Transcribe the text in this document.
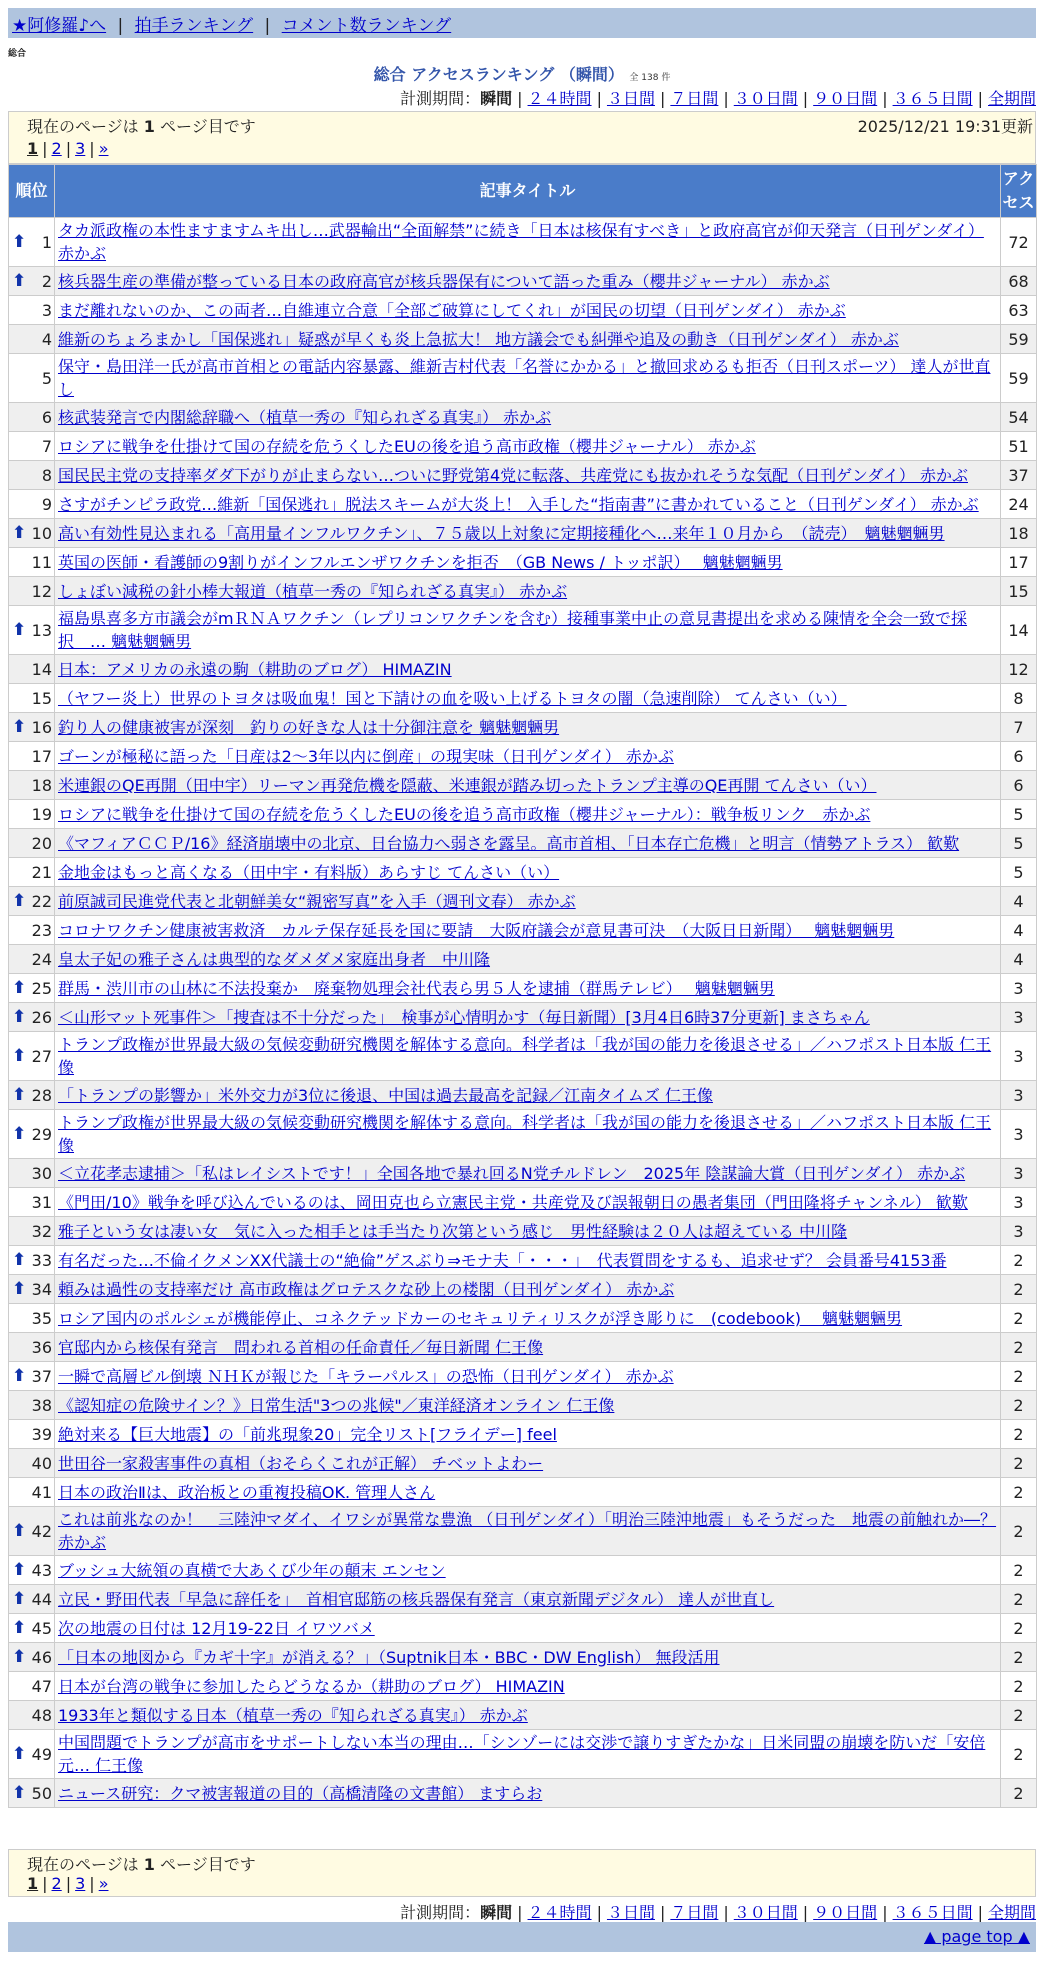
★阿修羅♪へ | 拍手ランキング | コメント数ランキング
総合
総合 アクセスランキング （瞬間） 全 138 件
計測期間：瞬間 | ２４時間 | ３日間 | ７日間 | ３０日間 | ９０日間 | ３６５日間 | 全期間
現在のページは 1 ページ目です	2025/12/21 19:31更新
1 | 2 | 3 | »
順位	記事タイトル	アクセス

⬆ 1	タカ派政権の本性ますますムキ出し…武器輸出“全面解禁”に続き「日本は核保有すべき」と政府高官が仰天発言（日刊ゲンダイ） 赤かぶ	72

⬆ 2	核兵器生産の準備が整っている日本の政府高官が核兵器保有について語った重み（櫻井ジャーナル） 赤かぶ	68
3	まだ離れないのか、この両者…自維連立合意「全部ご破算にしてくれ」が国民の切望（日刊ゲンダイ） 赤かぶ	63
4	維新のちょろまかし「国保逃れ」疑惑が早くも炎上急拡大！ 地方議会でも糾弾や追及の動き（日刊ゲンダイ） 赤かぶ	59
5	保守・島田洋一氏が高市首相との電話内容暴露、維新吉村代表「名誉にかかる」と撤回求めるも拒否（日刊スポーツ） 達人が世直し	59
6	核武装発言で内閣総辞職へ（植草一秀の『知られざる真実』） 赤かぶ	54
7	ロシアに戦争を仕掛けて国の存続を危うくしたEUの後を追う高市政権（櫻井ジャーナル） 赤かぶ	51
8	国民民主党の支持率ダダ下がりが止まらない…ついに野党第4党に転落、共産党にも抜かれそうな気配（日刊ゲンダイ） 赤かぶ	37
9	さすがチンピラ政党…維新「国保逃れ」脱法スキームが大炎上！ 入手した“指南書”に書かれていること（日刊ゲンダイ） 赤かぶ	24

⬆ 10	高い有効性見込まれる「高用量インフルワクチン」、７５歳以上対象に定期接種化へ…来年１０月から　（読売）　魑魅魍魎男	18
11	英国の医師・看護師の9割りがインフルエンザワクチンを拒否　（GB News / トッポ訳）　 魑魅魍魎男	17
12	しょぼい減税の針小棒大報道（植草一秀の『知られざる真実』） 赤かぶ	15

⬆ 13	福島県喜多方市議会がmＲＮＡワクチン（レプリコンワクチンを含む）接種事業中止の意見書提出を求める陳情を全会一致で採択　… 魑魅魍魎男	14
14	日本：アメリカの永遠の駒（耕助のブログ） HIMAZIN	12
15	（ヤフー炎上）世界のトヨタは吸血鬼！国と下請けの血を吸い上げるトヨタの闇（急速削除） てんさい（い）	8

⬆ 16	釣り人の健康被害が深刻　釣りの好きな人は十分御注意を 魑魅魍魎男	7
17	ゴーンが極秘に語った「日産は2～3年以内に倒産」の現実味（日刊ゲンダイ） 赤かぶ	6
18	米連銀のQE再開（田中宇）リーマン再発危機を隠蔽、米連銀が踏み切ったトランプ主導のQE再開 てんさい（い）	6
19	ロシアに戦争を仕掛けて国の存続を危うくしたEUの後を追う高市政権（櫻井ジャーナル）：戦争板リンク　赤かぶ	5
20	《マフィアＣＣＰ/16》経済崩壊中の北京、日台協力へ弱さを露呈。高市首相、「日本存亡危機」と明言（情勢アトラス） 歓歎	5
21	金地金はもっと高くなる（田中宇・有料版）あらすじ てんさい（い）	5

⬆ 22	前原誠司民進党代表と北朝鮮美女“親密写真”を入手（週刊文春） 赤かぶ	4
23	コロナワクチン健康被害救済　カルテ保存延長を国に要請　大阪府議会が意見書可決　（大阪日日新聞）　 魑魅魍魎男	4
24	皇太子妃の雅子さんは典型的なダメダメ家庭出身者　中川隆	4

⬆ 25	群馬・渋川市の山林に不法投棄か　廃棄物処理会社代表ら男５人を逮捕（群馬テレビ）　 魑魅魍魎男	3

⬆ 26	＜山形マット死事件＞「捜査は不十分だった」　検事が心情明かす（毎日新聞）[3月4日6時37分更新] まさちゃん	3

⬆ 27	トランプ政権が世界最大級の気候変動研究機関を解体する意向。科学者は「我が国の能力を後退させる」／ハフポスト日本版 仁王像	3

⬆ 28	「トランプの影響か」米外交力が3位に後退、中国は過去最高を記録／江南タイムズ 仁王像	3

⬆ 29	トランプ政権が世界最大級の気候変動研究機関を解体する意向。科学者は「我が国の能力を後退させる」／ハフポスト日本版 仁王像	3
30	＜立花孝志逮捕＞「私はレイシストです！」全国各地で暴れ回るN党チルドレン　2025年 陰謀論大賞（日刊ゲンダイ） 赤かぶ	3
31	《門田/10》戦争を呼び込んでいるのは、岡田克也ら立憲民主党・共産党及び誤報朝日の愚者集団（門田隆将チャンネル） 歓歎	3
32	雅子という女は凄い女　気に入った相手とは手当たり次第という感じ　男性経験は２０人は超えている 中川隆	3

⬆ 33	有名だった…不倫イクメンXX代議士の“絶倫”ゲスぶり⇒モナ夫「・・・」　代表質問をするも、追求せず？ 会員番号4153番	2

⬆ 34	頼みは過性の支持率だけ 高市政権はグロテスクな砂上の楼閣（日刊ゲンダイ） 赤かぶ	2
35	ロシア国内のポルシェが機能停止、コネクテッドカーのセキュリティリスクが浮き彫りに　(codebook)　 魑魅魍魎男	2
36	官邸内から核保有発言　問われる首相の任命責任／毎日新聞 仁王像	2

⬆ 37	一瞬で高層ビル倒壊 ＮＨＫが報じた「キラーパルス」の恐怖（日刊ゲンダイ） 赤かぶ	2
38	《認知症の危険サイン？》日常生活"3つの兆候"／東洋経済オンライン 仁王像	2
39	絶対来る【巨大地震】の「前兆現象20」完全リスト[フライデー] feel	2
40	世田谷一家殺害事件の真相（おそらくこれが正解） チベットよわー	2
41	日本の政治Ⅱは、政治板との重複投稿OK. 管理人さん	2

⬆ 42	これは前兆なのか！　三陸沖マダイ、イワシが異常な豊漁 （日刊ゲンダイ）「明治三陸沖地震」もそうだった　地震の前触れか―？ 赤かぶ	2

⬆ 43	ブッシュ大統領の真横で大あくび少年の顛末 エンセン	2

⬆ 44	立民・野田代表「早急に辞任を」　首相官邸筋の核兵器保有発言（東京新聞デジタル） 達人が世直し	2

⬆ 45	次の地震の日付は 12月19-22日 イワツバメ	2

⬆ 46	「日本の地図から『カギ十字』が消える？」（Suptnik日本・BBC・DW English） 無段活用	2
47	日本が台湾の戦争に参加したらどうなるか（耕助のブログ） HIMAZIN	2
48	1933年と類似する日本（植草一秀の『知られざる真実』） 赤かぶ	2

⬆ 49	中国問題でトランプが高市をサポートしない本当の理由…「シンゾーには交渉で譲りすぎたかな」日米同盟の崩壊を防いだ「安倍元… 仁王像	2

⬆ 50	ニュース研究：クマ被害報道の目的（高橋清隆の文書館） ますらお	2
現在のページは 1 ページ目です
1 | 2 | 3 | »
計測期間：瞬間 | ２４時間 | ３日間 | ７日間 | ３０日間 | ９０日間 | ３６５日間 | 全期間
▲ page top ▲
